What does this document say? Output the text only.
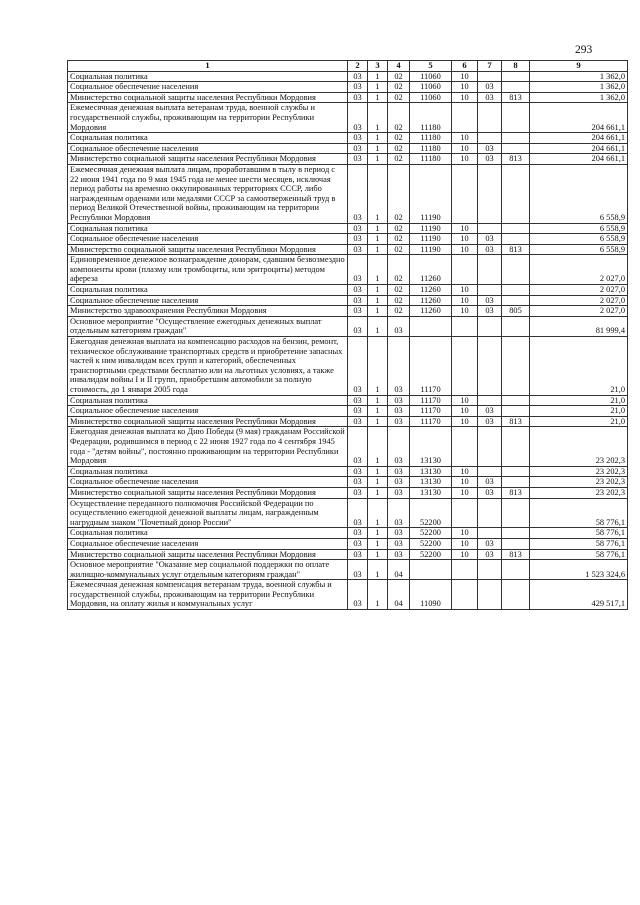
293
1	2	3	4	5	6	7	8	9
Социальная политика	03	1	02	11060	10			1 362,0
Социальное обеспечение населения	03	1	02	11060	10	03		1 362,0
Министерство социальной защиты населения Республики Мордовия	03	1	02	11060	10	03	813	1 362,0
Ежемесячная денежная выплата ветеранам труда, военной службы и государственной службы, проживающим на территории Республики Мордовия	03	1	02	11180				204 661,1
Социальная политика	03	1	02	11180	10			204 661,1
Социальное обеспечение населения	03	1	02	11180	10	03		204 661,1
Министерство социальной защиты населения Республики Мордовия	03	1	02	11180	10	03	813	204 661,1
Ежемесячная денежная выплата лицам, проработавшим в тылу в период с 22 июня 1941 года по 9 мая 1945 года не менее шести месяцев, исключая период работы на временно оккупированных территориях СССР, либо награжденным орденами или медалями СССР за самоотверженный труд в период Великой Отечественной войны, проживающим на территории Республики Мордовия	03	1	02	11190				6 558,9
Социальная политика	03	1	02	11190	10			6 558,9
Социальное обеспечение населения	03	1	02	11190	10	03		6 558,9
Министерство социальной защиты населения Республики Мордовия	03	1	02	11190	10	03	813	6 558,9
Единовременное денежное вознаграждение донорам, сдавшим безвозмездно компоненты крови (плазму или тромбоциты, или эритроциты) методом афереза	03	1	02	11260				2 027,0
Социальная политика	03	1	02	11260	10			2 027,0
Социальное обеспечение населения	03	1	02	11260	10	03		2 027,0
Министерство здравоохранения Республики Мордовия	03	1	02	11260	10	03	805	2 027,0
Основное мероприятие "Осуществление ежегодных денежных выплат отдельным категориям граждан"	03	1	03					81 999,4
Ежегодная денежная выплата на компенсацию расходов на бензин, ремонт, техническое обслуживание транспортных средств и приобретение запасных частей к ним инвалидам всех групп и категорий, обеспеченных транспортными средствами бесплатно или на льготных условиях, а также инвалидам войны I и II групп, приобретшим автомобили за полную стоимость, до 1 января 2005 года	03	1	03	11170				21,0
Социальная политика	03	1	03	11170	10			21,0
Социальное обеспечение населения	03	1	03	11170	10	03		21,0
Министерство социальной защиты населения Республики Мордовия	03	1	03	11170	10	03	813	21,0
Ежегодная денежная выплата ко Дню Победы (9 мая) гражданам Российской Федерации, родившимся в период с 22 июня 1927 года по 4 сентября 1945 года - "детям войны", постоянно проживающим на территории Республики Мордовия	03	1	03	13130				23 202,3
Социальная политика	03	1	03	13130	10			23 202,3
Социальное обеспечение населения	03	1	03	13130	10	03		23 202,3
Министерство социальной защиты населения Республики Мордовия	03	1	03	13130	10	03	813	23 202,3
Осуществление переданного полномочия Российской Федерации по осуществлению ежегодной денежной выплаты лицам, награжденным нагрудным знаком "Почетный донор России"	03	1	03	52200				58 776,1
Социальная политика	03	1	03	52200	10			58 776,1
Социальное обеспечение населения	03	1	03	52200	10	03		58 776,1
Министерство социальной защиты населения Республики Мордовия	03	1	03	52200	10	03	813	58 776,1
Основное мероприятие "Оказание мер социальной поддержки по оплате жилищно-коммунальных услуг отдельным категориям граждан"	03	1	04					1 523 324,6
Ежемесячная денежная компенсация ветеранам труда, военной службы и государственной службы, проживающим на территории Республики Мордовия, на оплату жилья и коммунальных услуг	03	1	04	11090				429 517,1
